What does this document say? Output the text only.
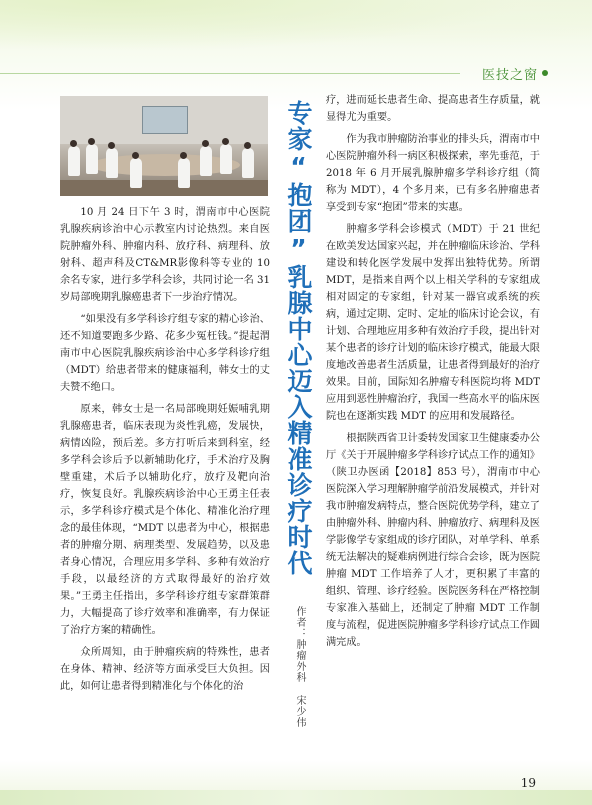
医技之窗

10 月 24 日下午 3 时，渭南市中心医院乳腺疾病诊治中心示教室内讨论热烈。来自医院肿瘤外科、肿瘤内科、放疗科、病理科、放射科、超声科及CT&MR影像科等专业的 10 余名专家，进行多学科会诊，共同讨论一名 31 岁局部晚期乳腺癌患者下一步治疗情况。

“如果没有多学科诊疗组专家的精心诊治、还不知道要跑多少路、花多少冤枉钱。”提起渭南市中心医院乳腺疾病诊治中心多学科诊疗组（MDT）给患者带来的健康福利，韩女士的丈夫赞不绝口。

原来，韩女士是一名局部晚期妊娠哺乳期乳腺癌患者，临床表现为炎性乳癌，发展快，病情凶险，预后差。多方打听后来到科室，经多学科会诊后予以新辅助化疗，手术治疗及胸壁重建，术后予以辅助化疗，放疗及靶向治疗，恢复良好。乳腺疾病诊治中心王勇主任表示，多学科诊疗模式是个体化、精准化治疗理念的最佳体现，“MDT 以患者为中心，根据患者的肿瘤分期、病理类型、发展趋势，以及患者身心情况，合理应用多学科、多种有效治疗手段，以最经济的方式取得最好的治疗效果。”王勇主任指出，多学科诊疗组专家群策群力，大幅提高了诊疗效率和准确率，有力保证了治疗方案的精确性。

众所周知，由于肿瘤疾病的特殊性，患者在身体、精神、经济等方面承受巨大负担。因此，如何让患者得到精准化与个体化的治

专家“抱团”乳腺中心迈入精准诊疗时代
作者：肿瘤外科 宋少伟

疗，进而延长患者生命、提高患者生存质量，就显得尤为重要。

作为我市肿瘤防治事业的排头兵，渭南市中心医院肿瘤外科一病区积极探索，率先垂范，于 2018 年 6 月开展乳腺肿瘤多学科诊疗组（简称为 MDT），4 个多月来，已有多名肿瘤患者享受到专家“抱团”带来的实惠。

肿瘤多学科会诊模式（MDT）于 21 世纪在欧美发达国家兴起，并在肿瘤临床诊治、学科建设和转化医学发展中发挥出独特优势。所谓 MDT，是指来自两个以上相关学科的专家组成相对固定的专家组，针对某一器官或系统的疾病，通过定期、定时、定址的临床讨论会议，有计划、合理地应用多种有效治疗手段，提出针对某个患者的诊疗计划的临床诊疗模式，能最大限度地改善患者生活质量，让患者得到最好的治疗效果。目前，国际知名肿瘤专科医院均将 MDT 应用到恶性肿瘤治疗，我国一些高水平的临床医院也在逐渐实践 MDT 的应用和发展路径。

根据陕西省卫计委转发国家卫生健康委办公厅《关于开展肿瘤多学科诊疗试点工作的通知》（陕卫办医函【2018】853 号），渭南市中心医院深入学习理解肿瘤学前沿发展模式，并针对我市肿瘤发病特点，整合医院优势学科，建立了由肿瘤外科、肿瘤内科、肿瘤放疗、病理科及医学影像学专家组成的诊疗团队，对单学科、单系统无法解决的疑难病例进行综合会诊，既为医院肿瘤 MDT 工作培养了人才，更积累了丰富的组织、管理、诊疗经验。医院医务科在严格控制专家准入基础上，还制定了肿瘤 MDT 工作制度与流程，促进医院肿瘤多学科诊疗试点工作圆满完成。

19
